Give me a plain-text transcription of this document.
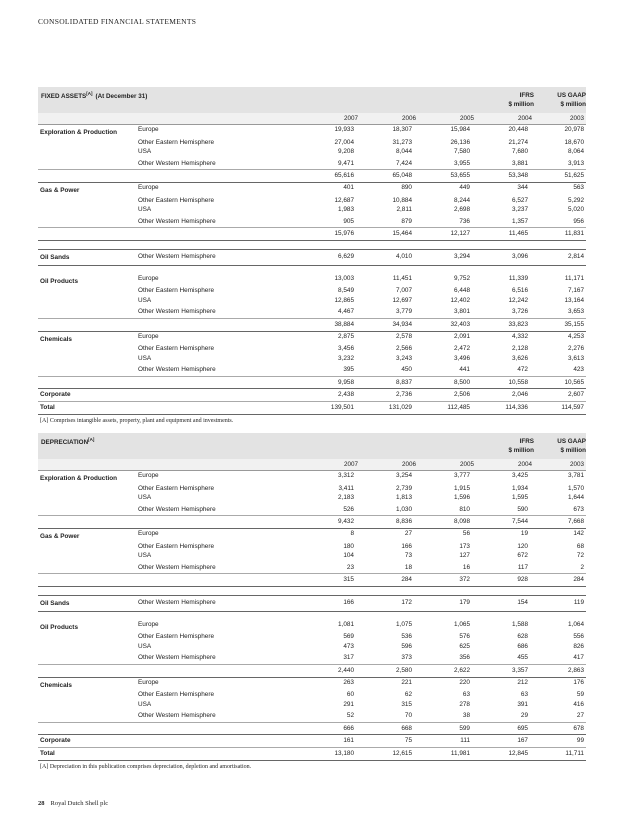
CONSOLIDATED FINANCIAL STATEMENTS
FIXED ASSETS[A] (At December 31)	IFRS
$ million
US GAAP
$ million
2007	2006	2005	2004	2003
Exploration & Production	Europe	19,933	18,307	15,984	20,448	20,978
	Other Eastern Hemisphere	27,004	31,273	26,136	21,274	18,670
	USA	9,208	8,044	7,580	7,680	8,064
	Other Western Hemisphere	9,471	7,424	3,955	3,881	3,913
		65,616	65,048	53,655	53,348	51,625
Gas & Power	Europe	401	890	449	344	563
	Other Eastern Hemisphere	12,687	10,884	8,244	6,527	5,292
	USA	1,983	2,811	2,698	3,237	5,020
	Other Western Hemisphere	905	879	736	1,357	956
		15,976	15,464	12,127	11,465	11,831

Oil Sands	Other Western Hemisphere	6,629	4,010	3,294	3,096	2,814

Oil Products	Europe	13,003	11,451	9,752	11,339	11,171
	Other Eastern Hemisphere	8,549	7,007	6,448	6,516	7,167
	USA	12,865	12,697	12,402	12,242	13,164
	Other Western Hemisphere	4,467	3,779	3,801	3,726	3,653
		38,884	34,934	32,403	33,823	35,155
Chemicals	Europe	2,875	2,578	2,091	4,332	4,253
	Other Eastern Hemisphere	3,456	2,566	2,472	2,128	2,276
	USA	3,232	3,243	3,496	3,626	3,613
	Other Western Hemisphere	395	450	441	472	423
		9,958	8,837	8,500	10,558	10,565
Corporate		2,438	2,736	2,506	2,046	2,607
Total		139,501	131,029	112,485	114,336	114,597
[A] Comprises intangible assets, property, plant and equipment and investments.
DEPRECIATION[A]	IFRS
$ million
US GAAP
$ million
2007	2006	2005	2004	2003
Exploration & Production	Europe	3,312	3,254	3,777	3,425	3,781
	Other Eastern Hemisphere	3,411	2,739	1,915	1,934	1,570
	USA	2,183	1,813	1,596	1,595	1,644
	Other Western Hemisphere	526	1,030	810	590	673
		9,432	8,836	8,098	7,544	7,668
Gas & Power	Europe	8	27	56	19	142
	Other Eastern Hemisphere	180	166	173	120	68
	USA	104	73	127	672	72
	Other Western Hemisphere	23	18	16	117	2
		315	284	372	928	284

Oil Sands	Other Western Hemisphere	166	172	179	154	119

Oil Products	Europe	1,081	1,075	1,065	1,588	1,064
	Other Eastern Hemisphere	569	536	576	628	556
	USA	473	596	625	686	826
	Other Western Hemisphere	317	373	356	455	417
		2,440	2,580	2,622	3,357	2,863
Chemicals	Europe	263	221	220	212	176
	Other Eastern Hemisphere	60	62	63	63	59
	USA	291	315	278	391	416
	Other Western Hemisphere	52	70	38	29	27
		666	668	599	695	678
Corporate		161	75	111	167	99
Total		13,180	12,615	11,981	12,845	11,711
[A] Depreciation in this publication comprises depreciation, depletion and amortisation.
28 Royal Dutch Shell plc
